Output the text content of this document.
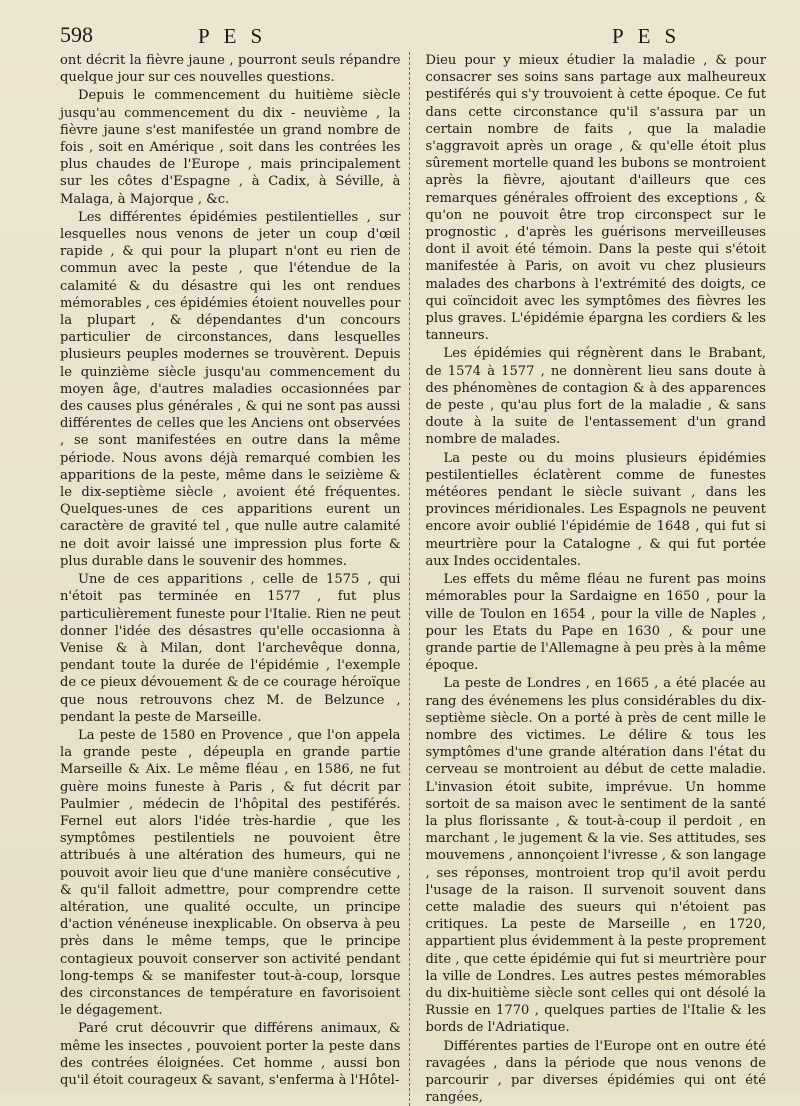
598	PES	PES

ont décrit la fièvre jaune , pourront seuls répandre quelque jour sur ces nouvelles questions.

Depuis le commencement du huitième siècle jusqu'au commencement du dix - neuvième , la fièvre jaune s'est manifestée un grand nombre de fois , soit en Amérique , soit dans les contrées les plus chaudes de l'Europe , mais principalement sur les côtes d'Espagne , à Cadix, à Séville, à Malaga, à Majorque , &c.

Les différentes épidémies pestilentielles , sur lesquelles nous venons de jeter un coup d'œil rapide , & qui pour la plupart n'ont eu rien de commun avec la peste , que l'étendue de la calamité & du désastre qui les ont rendues mémorables , ces épidémies étoient nouvelles pour la plupart , & dépendantes d'un concours particulier de circonstances, dans lesquelles plusieurs peuples modernes se trouvèrent. Depuis le quinzième siècle jusqu'au commencement du moyen âge, d'autres maladies occasionnées par des causes plus générales , & qui ne sont pas aussi différentes de celles que les Anciens ont observées , se sont manifestées en outre dans la même période. Nous avons déjà remarqué combien les apparitions de la peste, même dans le seizième & le dix-septième siècle , avoient été fréquentes. Quelques-unes de ces apparitions eurent un caractère de gravité tel , que nulle autre calamité ne doit avoir laissé une impression plus forte & plus durable dans le souvenir des hommes.

Une de ces apparitions , celle de 1575 , qui n'étoit pas terminée en 1577 , fut plus particulièrement funeste pour l'Italie. Rien ne peut donner l'idée des désastres qu'elle occasionna à Venise & à Milan, dont l'archevêque donna, pendant toute la durée de l'épidémie , l'exemple de ce pieux dévouement & de ce courage héroïque que nous retrouvons chez M. de Belzunce , pendant la peste de Marseille.

La peste de 1580 en Provence , que l'on appela la grande peste , dépeupla en grande partie Marseille & Aix. Le même fléau , en 1586, ne fut guère moins funeste à Paris , & fut décrit par Paulmier , médecin de l'hôpital des pestiférés. Fernel eut alors l'idée très-hardie , que les symptômes pestilentiels ne pouvoient être attribués à une altération des humeurs, qui ne pouvoit avoir lieu que d'une manière consécutive , & qu'il falloit admettre, pour comprendre cette altération, une qualité occulte, un principe d'action vénéneuse inexplicable. On observa à peu près dans le même temps, que le principe contagieux pouvoit conserver son activité pendant long-temps & se manifester tout-à-coup, lorsque des circonstances de température en favorisoient le dégagement.

Paré crut découvrir que différens animaux, & même les insectes , pouvoient porter la peste dans des contrées éloignées. Cet homme , aussi bon qu'il étoit courageux & savant, s'enferma à l'Hôtel-

Dieu pour y mieux étudier la maladie , & pour consacrer ses soins sans partage aux malheureux pestiférés qui s'y trouvoient à cette époque. Ce fut dans cette circonstance qu'il s'assura par un certain nombre de faits , que la maladie s'aggravoit après un orage , & qu'elle étoit plus sûrement mortelle quand les bubons se montroient après la fièvre, ajoutant d'ailleurs que ces remarques générales offroient des exceptions , & qu'on ne pouvoit être trop circonspect sur le prognostic , d'après les guérisons merveilleuses dont il avoit été témoin. Dans la peste qui s'étoit manifestée à Paris, on avoit vu chez plusieurs malades des charbons à l'extrémité des doigts, ce qui coïncidoit avec les symptômes des fièvres les plus graves. L'épidémie épargna les cordiers & les tanneurs.

Les épidémies qui régnèrent dans le Brabant, de 1574 à 1577 , ne donnèrent lieu sans doute à des phénomènes de contagion & à des apparences de peste , qu'au plus fort de la maladie , & sans doute à la suite de l'entassement d'un grand nombre de malades.

La peste ou du moins plusieurs épidémies pestilentielles éclatèrent comme de funestes météores pendant le siècle suivant , dans les provinces méridionales. Les Espagnols ne peuvent encore avoir oublié l'épidémie de 1648 , qui fut si meurtrière pour la Catalogne , & qui fut portée aux Indes occidentales.

Les effets du même fléau ne furent pas moins mémorables pour la Sardaigne en 1650 , pour la ville de Toulon en 1654 , pour la ville de Naples , pour les Etats du Pape en 1630 , & pour une grande partie de l'Allemagne à peu près à la même époque.

La peste de Londres , en 1665 , a été placée au rang des événemens les plus considérables du dix-septième siècle. On a porté à près de cent mille le nombre des victimes. Le délire & tous les symptômes d'une grande altération dans l'état du cerveau se montroient au début de cette maladie. L'invasion étoit subite, imprévue. Un homme sortoit de sa maison avec le sentiment de la santé la plus florissante , & tout-à-coup il perdoit , en marchant , le jugement & la vie. Ses attitudes, ses mouvemens , annonçoient l'ivresse , & son langage , ses réponses, montroient trop qu'il avoit perdu l'usage de la raison. Il survenoit souvent dans cette maladie des sueurs qui n'étoient pas critiques. La peste de Marseille , en 1720, appartient plus évidemment à la peste proprement dite , que cette épidémie qui fut si meurtrière pour la ville de Londres. Les autres pestes mémorables du dix-huitième siècle sont celles qui ont désolé la Russie en 1770 , quelques parties de l'Italie & les bords de l'Adriatique.

Différentes parties de l'Europe ont en outre été ravagées , dans la période que nous venons de parcourir , par diverses épidémies qui ont été rangées,
